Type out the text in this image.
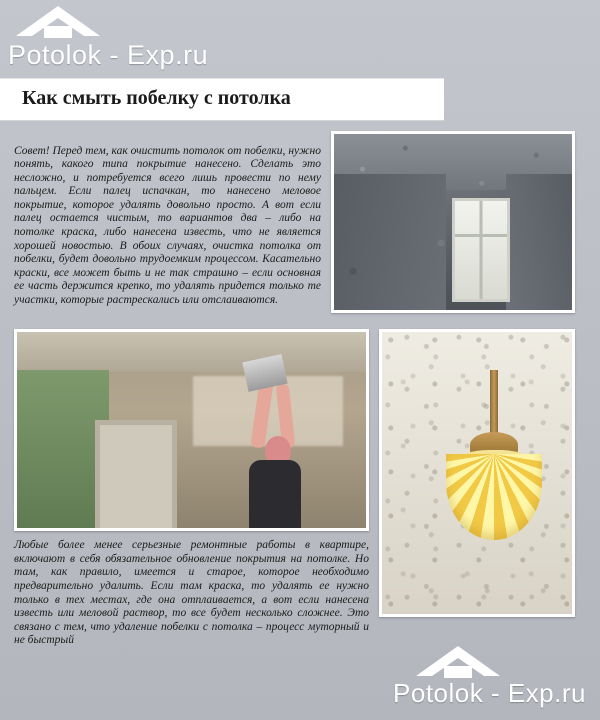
Potolok - Exp.ru
Как смыть побелку с потолка

Совет! Перед тем, как очистить потолок от побелки, нужно понять, какого типа покрытие нанесено. Сделать это несложно, и потребуется всего лишь провести по нему пальцем. Если палец испачкан, то нанесено меловое покрытие, которое удалять довольно просто. А вот если палец остается чистым, то вариантов два – либо на потолке краска, либо нанесена известь, что не является хорошей новостью. В обоих случаях, очистка потолка от побелки, будет довольно трудоемким процессом. Касательно краски, все может быть и не так страшно – если основная ее часть держится крепко, то удалять придется только те участки, которые растрескались или отслаиваются.

Любые более менее серьезные ремонтные работы в квартире, включают в себя обязательное обновление покрытия на потолке. Но там, как правило, имеется и старое, которое необходимо предварительно удалить. Если там краска, то удалять ее нужно только в тех местах, где она отплаивается, а вот если нанесена известь или меловой раствор, то все будет несколько сложнее. Это связано с тем, что удаление побелки с потолка – процесс муторный и не быстрый

Potolok - Exp.ru
